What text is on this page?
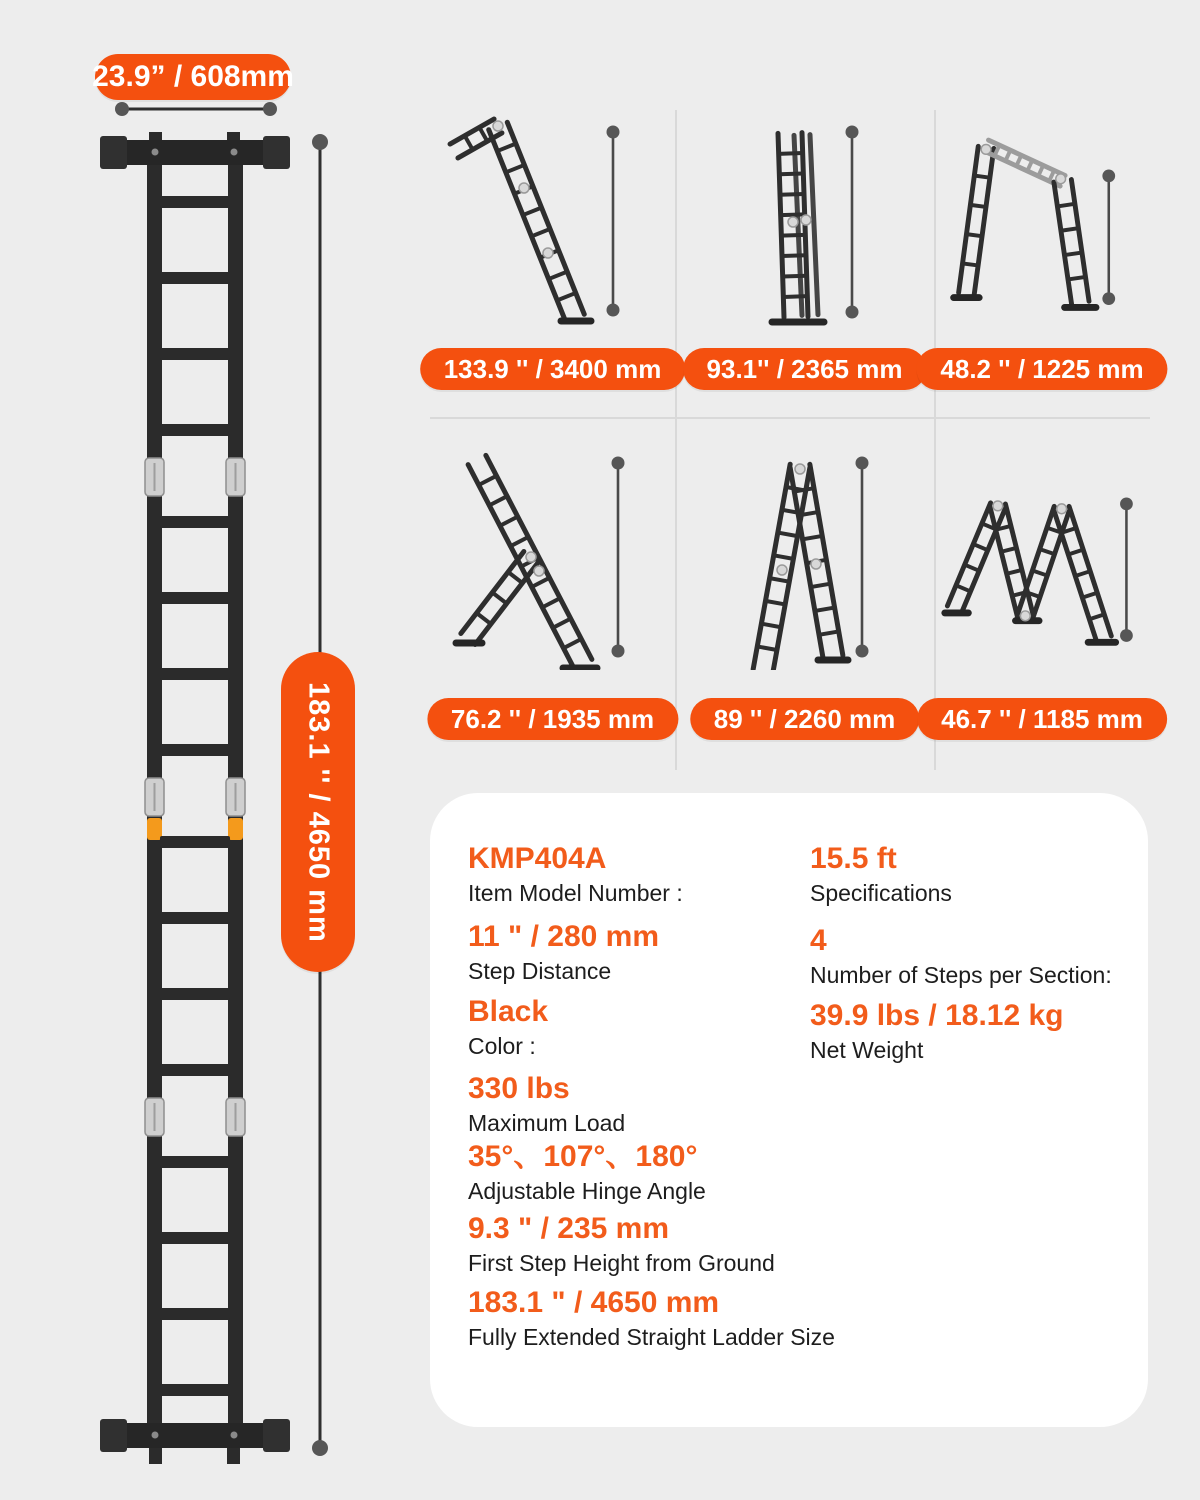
23.9” / 608mm
183.1 '' / 4650 mm
133.9 '' / 3400 mm	93.1'' / 2365 mm	48.2 '' / 1225 mm
76.2 '' / 1935 mm	89 '' / 2260 mm	46.7 '' / 1185 mm
KMP404A
Item Model Number :
15.5 ft
Specifications
11 " / 280 mm
Step Distance
4
Number of Steps per Section:
Black
Color :
39.9 lbs / 18.12 kg
Net Weight
330 lbs
Maximum Load
35°、107°、180°
Adjustable Hinge Angle
9.3 " / 235 mm
First Step Height from Ground
183.1 " / 4650 mm
Fully Extended Straight Ladder Size
